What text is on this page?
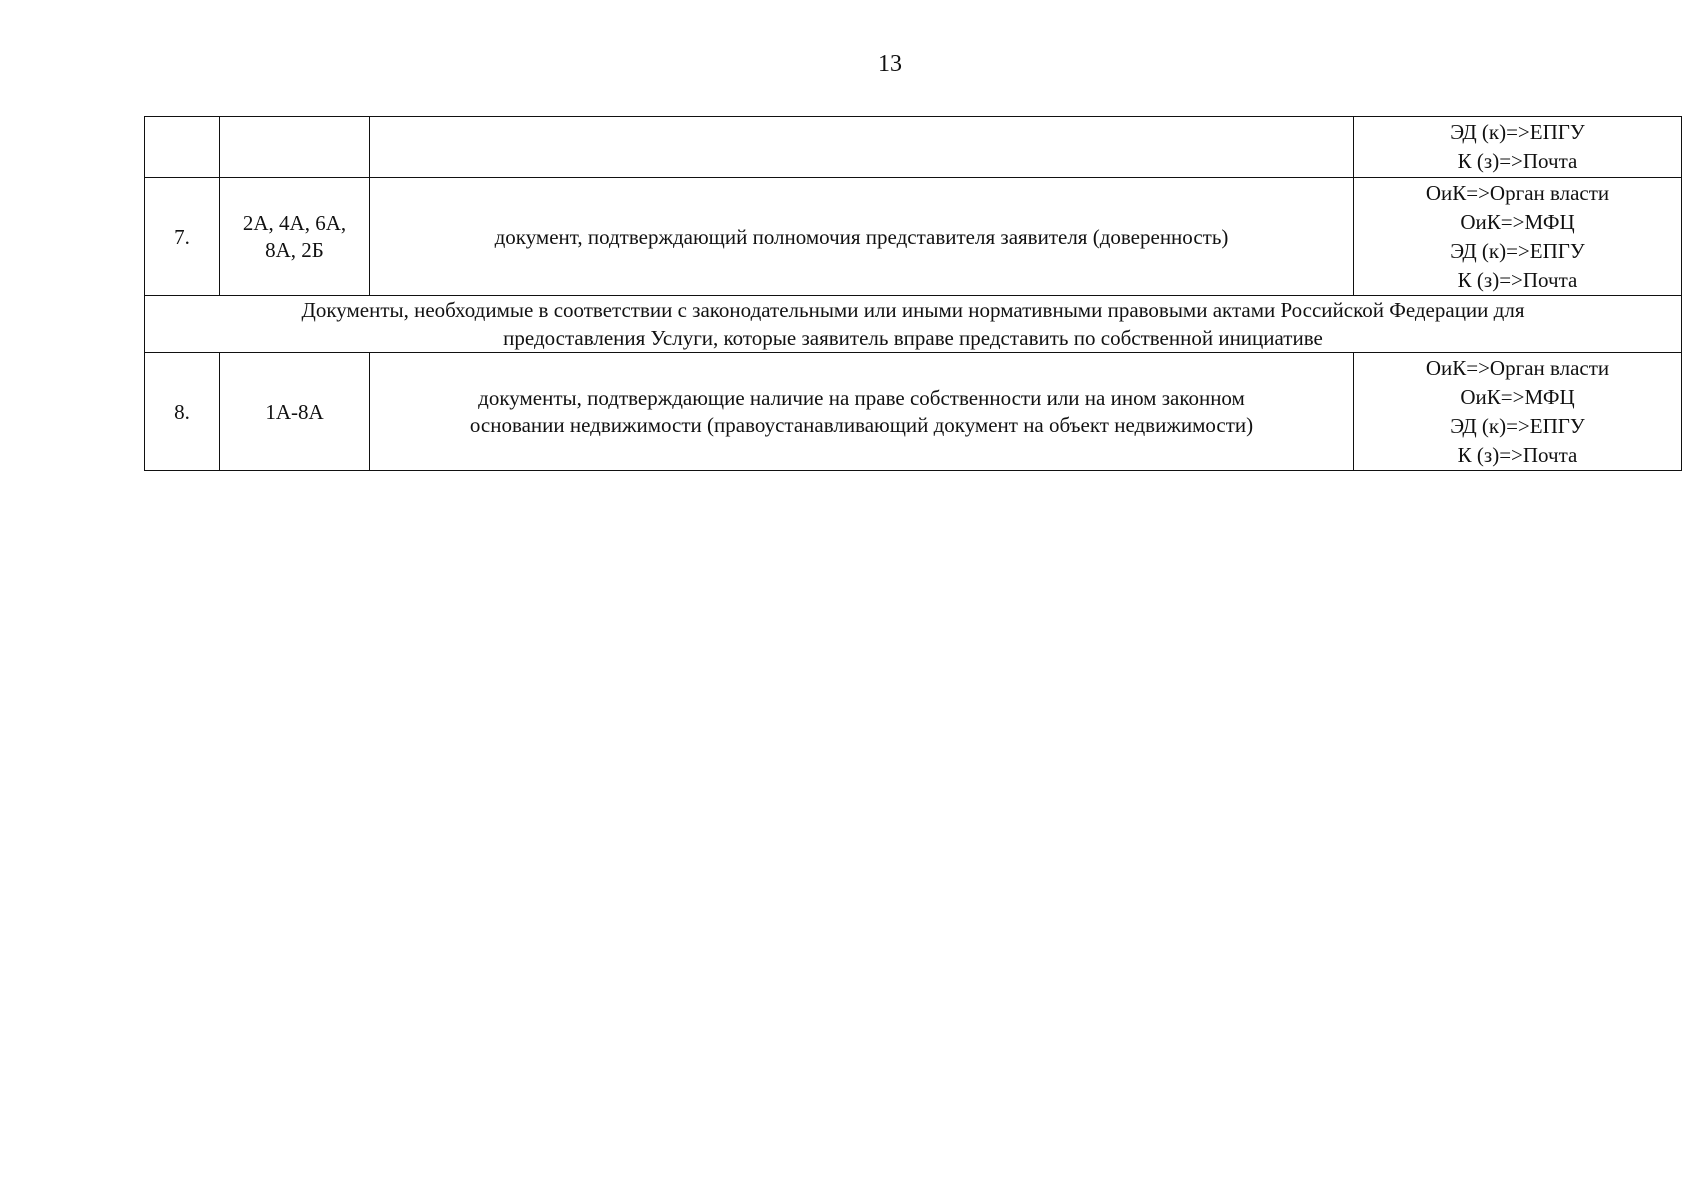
13

			ЭД (к)=>ЕПГУ
К (з)=>Почта

7.	2А, 4А, 6А,
8А, 2Б	документ, подтверждающий полномочия представителя заявителя (доверенность)	ОиК=>Орган власти
ОиК=>МФЦ
ЭД (к)=>ЕПГУ
К (з)=>Почта

Документы, необходимые в соответствии с законодательными или иными нормативными правовыми актами Российской Федерации для
предоставления Услуги, которые заявитель вправе представить по собственной инициативе			

8.	1А-8А	документы, подтверждающие наличие на праве собственности или на ином законном
основании недвижимости (правоустанавливающий документ на объект недвижимости)	ОиК=>Орган власти
ОиК=>МФЦ
ЭД (к)=>ЕПГУ
К (з)=>Почта
